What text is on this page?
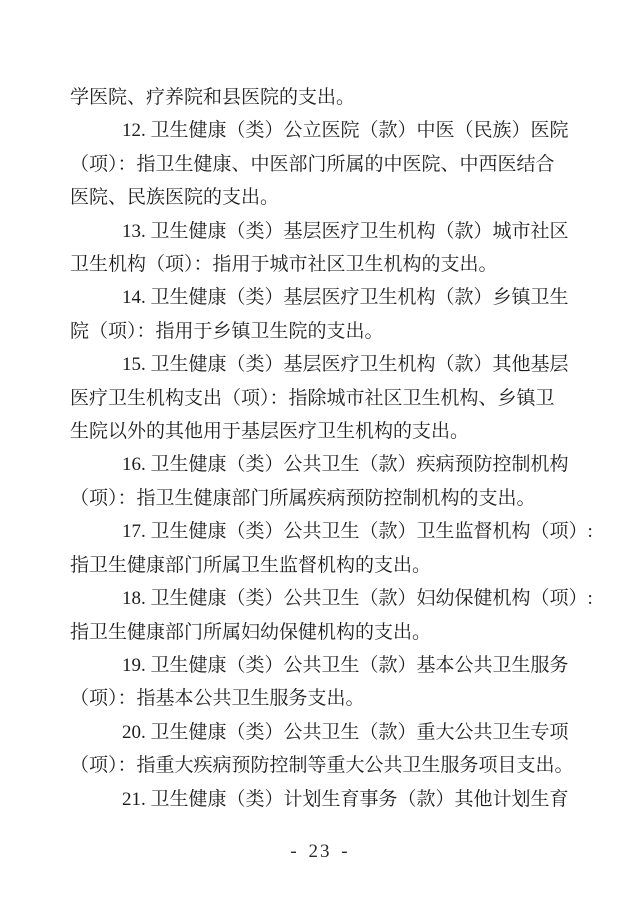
学医院、疗养院和县医院的支出。
12. 卫生健康（类）公立医院（款）中医（民族）医院
（项）：指卫生健康、中医部门所属的中医院、中西医结合
医院、民族医院的支出。
13. 卫生健康（类）基层医疗卫生机构（款）城市社区
卫生机构（项）：指用于城市社区卫生机构的支出。
14. 卫生健康（类）基层医疗卫生机构（款）乡镇卫生
院（项）：指用于乡镇卫生院的支出。
15. 卫生健康（类）基层医疗卫生机构（款）其他基层
医疗卫生机构支出（项）：指除城市社区卫生机构、乡镇卫
生院以外的其他用于基层医疗卫生机构的支出。
16. 卫生健康（类）公共卫生（款）疾病预防控制机构
（项）：指卫生健康部门所属疾病预防控制机构的支出。
17. 卫生健康（类）公共卫生（款）卫生监督机构（项）:
指卫生健康部门所属卫生监督机构的支出。
18. 卫生健康（类）公共卫生（款）妇幼保健机构（项）:
指卫生健康部门所属妇幼保健机构的支出。
19. 卫生健康（类）公共卫生（款）基本公共卫生服务
（项）：指基本公共卫生服务支出。
20. 卫生健康（类）公共卫生（款）重大公共卫生专项
（项）：指重大疾病预防控制等重大公共卫生服务项目支出。
21. 卫生健康（类）计划生育事务（款）其他计划生育
- 23 -
